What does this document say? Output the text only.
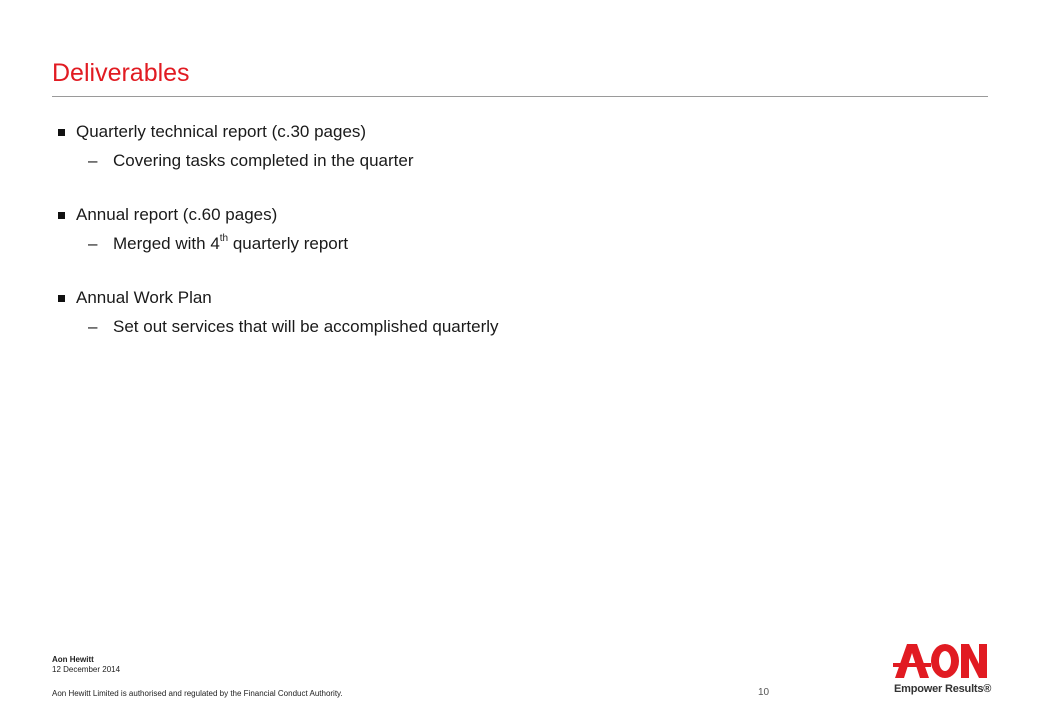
Deliverables
Quarterly technical report (c.30 pages)
– Covering tasks completed in the quarter
Annual report (c.60 pages)
– Merged with 4th quarterly report
Annual Work Plan
– Set out services that will be accomplished quarterly
Aon Hewitt
12 December 2014
Aon Hewitt Limited is authorised and regulated by the Financial Conduct Authority.	10	Empower Results®
